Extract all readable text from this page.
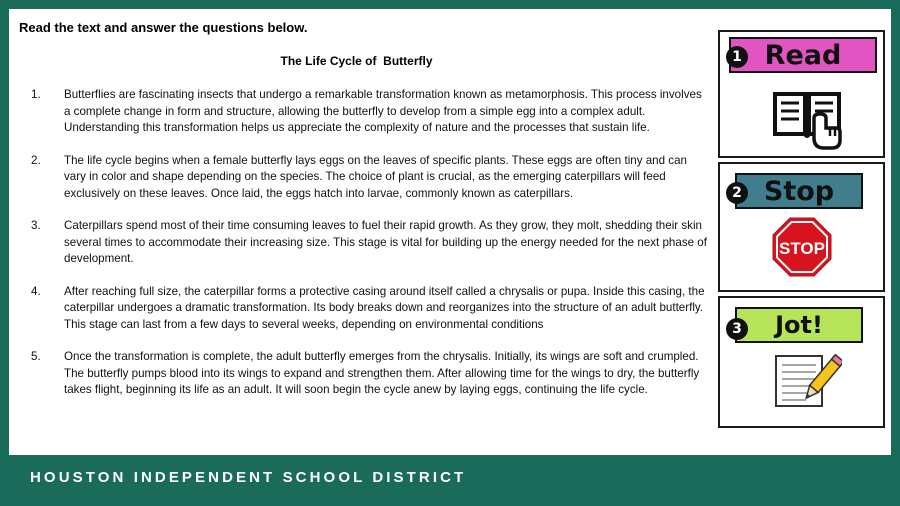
Read the text and answer the questions below.
The Life Cycle of  Butterfly
1. Butterflies are fascinating insects that undergo a remarkable transformation known as metamorphosis. This process involves a complete change in form and structure, allowing the butterfly to develop from a simple egg into a complex adult. Understanding this transformation helps us appreciate the complexity of nature and the processes that sustain life.
2. The life cycle begins when a female butterfly lays eggs on the leaves of specific plants. These eggs are often tiny and can vary in color and shape depending on the species. The choice of plant is crucial, as the emerging caterpillars will feed exclusively on these leaves. Once laid, the eggs hatch into larvae, commonly known as caterpillars.
3. Caterpillars spend most of their time consuming leaves to fuel their rapid growth. As they grow, they molt, shedding their skin several times to accommodate their increasing size. This stage is vital for building up the energy needed for the next phase of development.
4. After reaching full size, the caterpillar forms a protective casing around itself called a chrysalis or pupa. Inside this casing, the caterpillar undergoes a dramatic transformation. Its body breaks down and reorganizes into the structure of an adult butterfly. This stage can last from a few days to several weeks, depending on environmental conditions
5. Once the transformation is complete, the adult butterfly emerges from the chrysalis. Initially, its wings are soft and crumpled. The butterfly pumps blood into its wings to expand and strengthen them. After allowing time for the wings to dry, the butterfly takes flight, beginning its life as an adult. It will soon begin the cycle anew by laying eggs, continuing the life cycle.
Read
1
Stop
2
STOP
Jot!
3
HOUSTON INDEPENDENT SCHOOL DISTRICT
